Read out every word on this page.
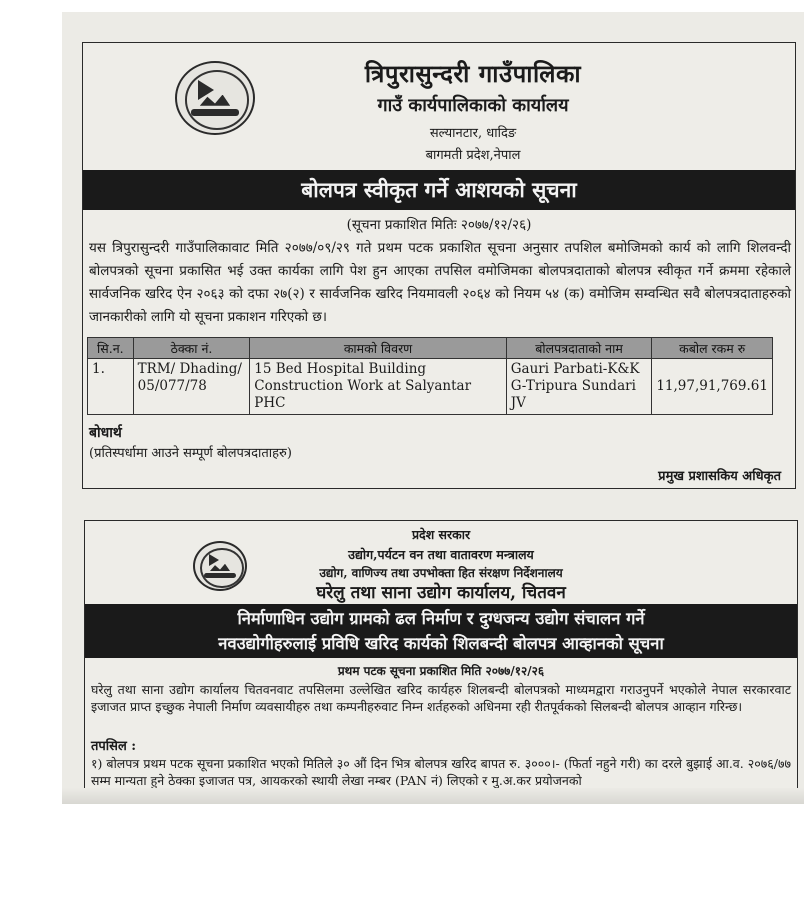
त्रिपुरासुन्दरी गाउँपालिका
गाउँ कार्यपालिकाको कार्यालय
सल्यानटार, धादिङ
बागमती प्रदेश,नेपाल
बोलपत्र स्वीकृत गर्ने आशयको सूचना
(सूचना प्रकाशित मितिः २०७७/१२/२६)
यस त्रिपुरासुन्दरी गाउँपालिकावाट मिति २०७७/०९/२९ गते प्रथम पटक प्रकाशित सूचना अनुसार तपशिल बमोजिमको कार्य को लागि शिलवन्दी बोलपत्रको सूचना प्रकासित भई उक्त कार्यका लागि पेश हुन आएका तपसिल वमोजिमका बोलपत्रदाताको बोलपत्र स्वीकृत गर्ने क्रममा रहेकाले सार्वजनिक खरिद ऐन २०६३ को दफा २७(२) र सार्वजनिक खरिद नियमावली २०६४ को नियम ५४ (क) वमोजिम सम्वन्धित सवै बोलपत्रदाताहरुको जानकारीको लागि यो सूचना प्रकाशन गरिएको छ।
सि.न.	ठेक्का नं.	कामको विवरण	बोलपत्रदाताको नाम	कबोल रकम रु
1.	TRM/ Dhading/ 05/077/78	15 Bed Hospital Building Construction Work at Salyantar PHC	Gauri Parbati-K&K G-Tripura Sundari JV	11,97,91,769.61
बोधार्थ
(प्रतिस्पर्धामा आउने सम्पूर्ण बोलपत्रदाताहरु)
प्रमुख प्रशासकिय अधिकृत
प्रदेश सरकार
उद्योग,पर्यटन वन तथा वातावरण मन्त्रालय
उद्योग, वाणिज्य तथा उपभोक्ता हित संरक्षण निर्देशनालय
घरेलु तथा साना उद्योग कार्यालय, चितवन
निर्माणाधिन उद्योग ग्रामको ढल निर्माण र दुग्धजन्य उद्योग संचालन गर्ने
नवउद्योगीहरुलाई प्रविधि खरिद कार्यको शिलबन्दी बोलपत्र आव्हानको सूचना
प्रथम पटक सूचना प्रकाशित मिति २०७७/१२/२६
घरेलु तथा साना उद्योग कार्यालय चितवनवाट तपसिलमा उल्लेखित खरिद कार्यहरु शिलबन्दी बोलपत्रको माध्यमद्वारा गराउनुपर्ने भएकोले नेपाल सरकारवाट इजाजत प्राप्त इच्छुक नेपाली निर्माण व्यवसायीहरु तथा कम्पनीहरुवाट निम्न शर्तहरुको अधिनमा रही रीतपूर्वकको सिलबन्दी बोलपत्र आव्हान गरिन्छ।
तपसिल :
१) बोलपत्र प्रथम पटक सूचना प्रकाशित भएको मितिले ३० औं दिन भित्र बोलपत्र खरिद बापत रु. ३०००।- (फिर्ता नहुने गरी) का दरले बुझाई आ.व. २०७६/७७ सम्म मान्यता हुने ठेक्का इजाजत पत्र, आयकरको स्थायी लेखा नम्बर (PAN नं) लिएको र मु.अ.कर प्रयोजनको
